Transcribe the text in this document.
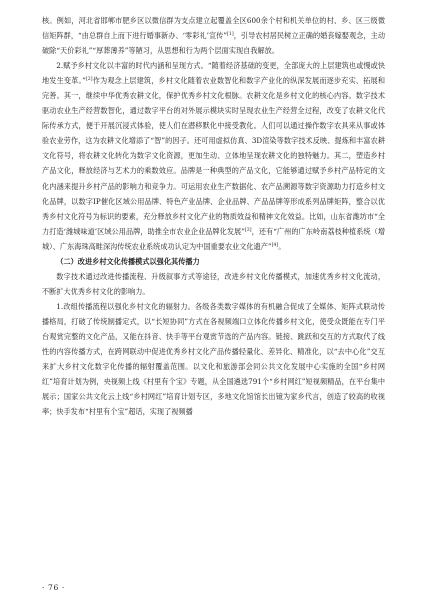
核。例如，河北省邯郸市肥乡区以微信群为支点建立起覆盖全区600余个村和机关单位的村、乡、区三级微信矩阵群，“由总群自上而下进行婚事新办、‘零彩礼’宣传”[1]，引导农村居民树立正确的婚丧嫁娶观念，主动破除“天价彩礼”“厚葬薄养”等陋习，从思想和行为两个层面实现自我解放。

2.赋予乡村文化以丰富的时代内涵和呈现方式。“随着经济基础的变更，全部庞大的上层建筑也或慢或快地发生变革。”[2]作为观念上层建筑，乡村文化随着农业数智化和数字产业化的纵深发展而逐步充实、拓展和完善。其一，继续中华优秀农耕文化，保护优秀乡村文化根脉。农耕文化是乡村文化的核心内容。数字技术驱动农业生产经营数智化，通过数字平台的对外展示模块实时呈现农业生产经营全过程，改变了农耕文化代际传承方式，便于开展沉浸式体验，使人们在潜移默化中接受教化。人们可以通过操作数字农具来从事或体验农业劳作，这为农耕文化增添了“智”的因子。还可用虚拟仿真、3D渲染等数字技术反映、提炼和丰富农耕文化符号，将农耕文化转化为数字文化资源，更加生动、立体地呈现农耕文化的独特魅力。其二，塑造乡村产品文化，释放经济与艺术力的乘数效应。品牌是一种典型的产品文化，它能够通过赋予乡村产品特定的文化内涵来提升乡村产品的影响力和竞争力。可运用农业生产数据化、农产品溯源等数字资源助力打造乡村文化品牌，以数字IP催化区域公用品牌、特色产业品牌、企业品牌、产品品牌等形成系列品牌矩阵，整合以优秀乡村文化符号为标识的要素，充分释放乡村文化产业的物质效益和精神文化效益。比如，山东省潍坊市“全力打造‘潍城味道’区域公用品牌，助推全市农业企业品牌化发展”[3]，还有“广州的广东岭南荔枝种植系统（增城）、广东海珠高畦深沟传统农业系统成功认定为中国重要农业文化遗产”[4]。

（二）改进乡村文化传播模式以强化其传播力

数字技术通过改进传播流程、升级叙事方式等途径，改进乡村文化传播模式，加速优秀乡村文化流动，不断扩大优秀乡村文化的影响力。

1.改组传播流程以强化乡村文化的辐射力。各级各类数字媒体的有机融合促成了全媒体、矩阵式联动传播格局，打破了传统制播定式，以“长短协同”方式在各视频端口立体化传播乡村文化，使受众既能在专门平台观赏完整的文化产品，又能在抖音、快手等平台观赏节选的产品内容。链接、跳跃和交互的方式取代了线性的内容传播方式，在跨网联动中促进优秀乡村文化产品传播轻量化、差异化、精准化，以“去中心化”交互来扩大乡村文化数字化传播的辐射覆盖范围。以文化和旅游部会同公共文化发展中心实施的全国“乡村网红”培育计划为例，央视频上线《村里有个宝》专题，从全国遴选791个“乡村网红”短视频精品，在平台集中展示；国家公共文化云上线“乡村网红”培育计划专区，多地文化馆馆长出镜为家乡代言，创造了较高的收视率；快手发布“村里有个宝”超话，实现了视频播

· 76 ·
